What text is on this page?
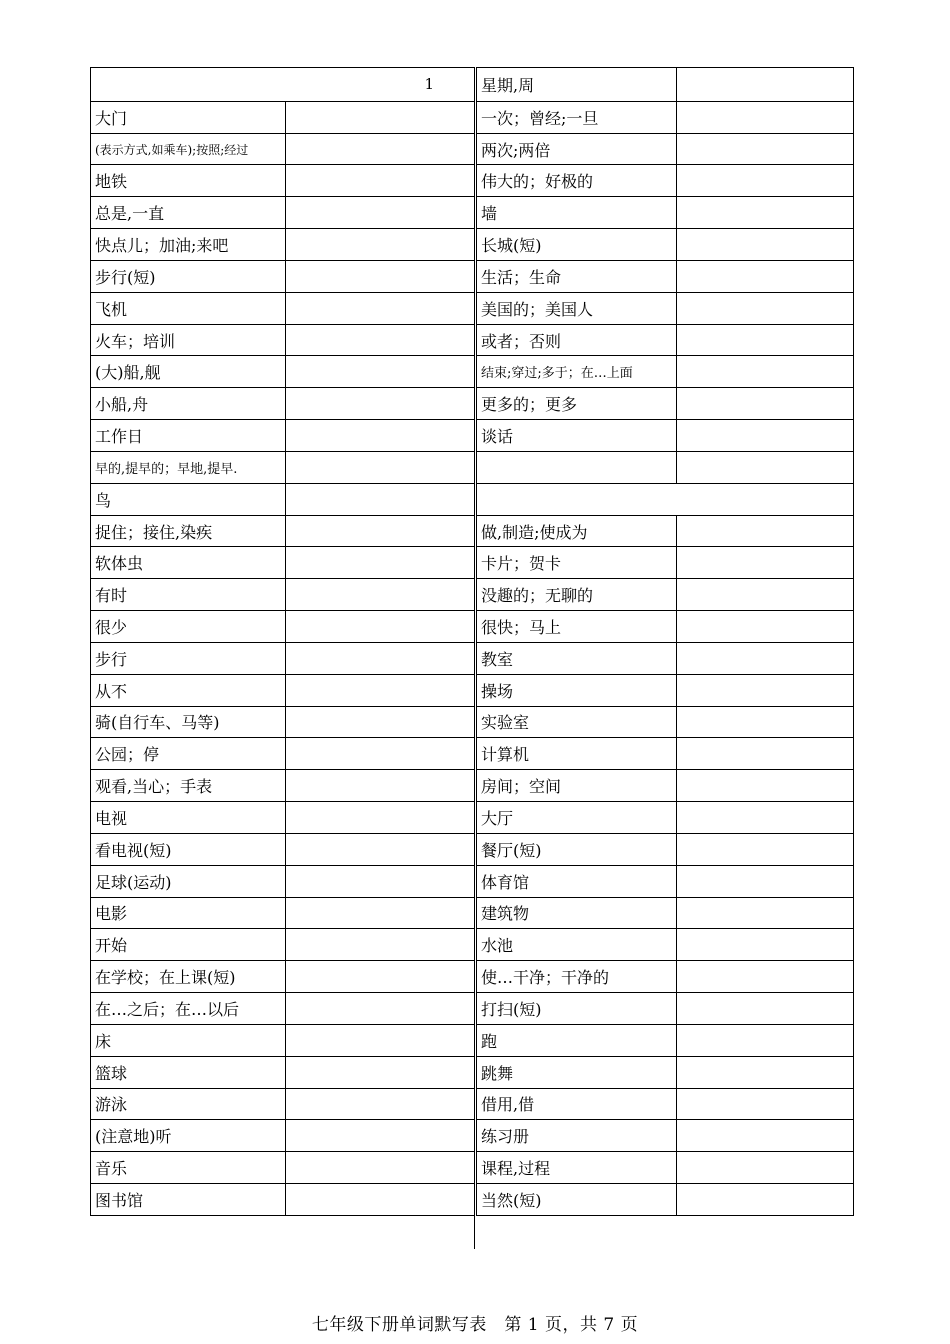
1
大门
(表示方式,如乘车);按照;经过
地铁
总是,一直
快点儿；加油;来吧
步行(短)
飞机
火车；培训
(大)船,舰
小船,舟
工作日
早的,提早的；早地,提早.
鸟
捉住；接住,染疾
软体虫
有时
很少
步行
从不
骑(自行车、马等)
公园；停
观看,当心；手表
电视
看电视(短)
足球(运动)
电影
开始
在学校；在上课(短)
在…之后；在…以后
床
篮球
游泳
(注意地)听
音乐
图书馆
星期,周
一次；曾经;一旦
两次;两倍
伟大的；好极的
墙
长城(短)
生活；生命
美国的；美国人
或者；否则
结束;穿过;多于；在…上面
更多的；更多
谈话
做,制造;使成为
卡片；贺卡
没趣的；无聊的
很快；马上
教室
操场
实验室
计算机
房间；空间
大厅
餐厅(短)
体育馆
建筑物
水池
使…干净；干净的
打扫(短)
跑
跳舞
借用,借
练习册
课程,过程
当然(短)
七年级下册单词默写表　第 1 页，共 7 页
